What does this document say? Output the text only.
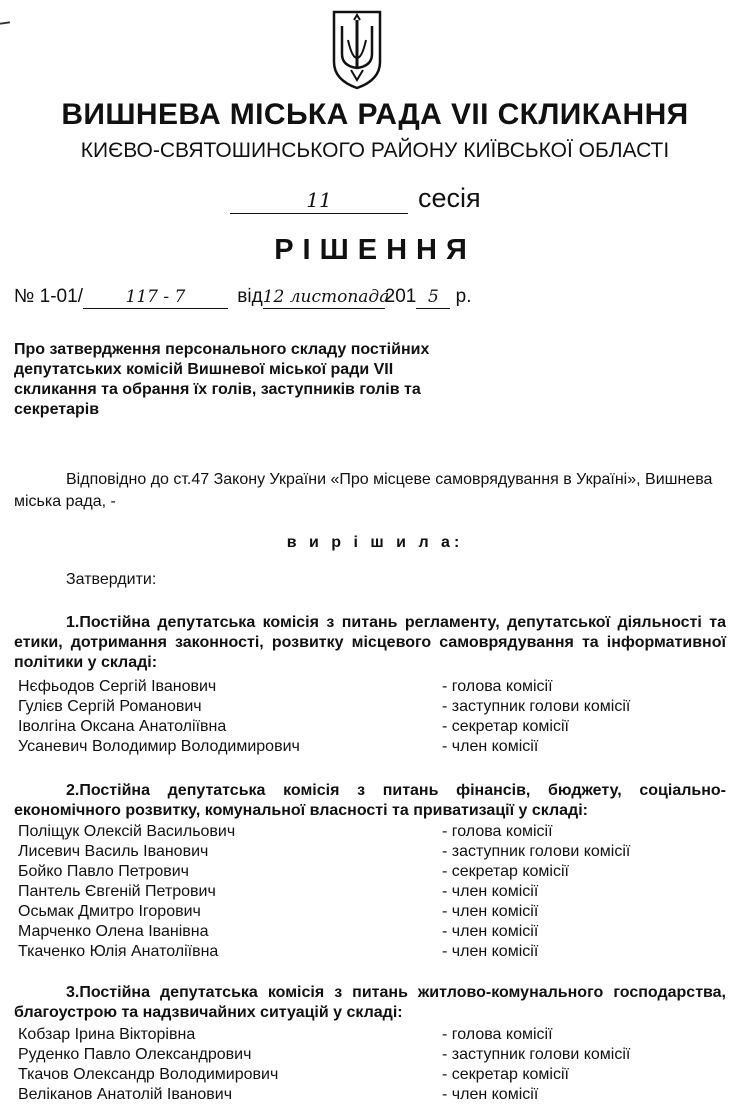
ВИШНЕВА МІСЬКА РАДА VII СКЛИКАННЯ
КИЄВО-СВЯТОШИНСЬКОГО РАЙОНУ КИЇВСЬКОЇ ОБЛАСТІ
11	сесія
РІШЕННЯ
№ 1-01/	117 - 7	від12 листопада201 5 р.
Про затвердження персонального складу постійних депутатських комісій Вишневої міської ради VII скликання та обрання їх голів, заступників голів та секретарів
Відповідно до ст.47 Закону України «Про місцеве самоврядування в Україні», Вишнева міська рада, -
в и р і ш и л а:
Затвердити:
1.Постійна депутатська комісія з питань регламенту, депутатської діяльності та етики, дотримання законності, розвитку місцевого самоврядування та інформативної політики у складі:
Нєфьодов Сергій Іванович	- голова комісії
Гулієв Сергій Романович	- заступник голови комісії
Іволгіна Оксана Анатоліївна	- секретар комісії
Усаневич Володимир Володимирович	- член комісії
2.Постійна депутатська комісія з питань фінансів, бюджету, соціально-економічного розвитку, комунальної власності та приватизації у складі:
Поліщук Олексій Васильович	- голова комісії
Лисевич Василь Іванович	- заступник голови комісії
Бойко Павло Петрович	- секретар комісії
Пантель Євгеній Петрович	- член комісії
Осьмак Дмитро Ігорович	- член комісії
Марченко Олена Іванівна	- член комісії
Ткаченко Юлія Анатоліївна	- член комісії
3.Постійна депутатська комісія з питань житлово-комунального господарства, благоустрою та надзвичайних ситуацій у складі:
Кобзар Ірина Вікторівна	- голова комісії
Руденко Павло Олександрович	- заступник голови комісії
Ткачов Олександр Володимирович	- секретар комісії
Веліканов Анатолій Іванович	- член комісії
